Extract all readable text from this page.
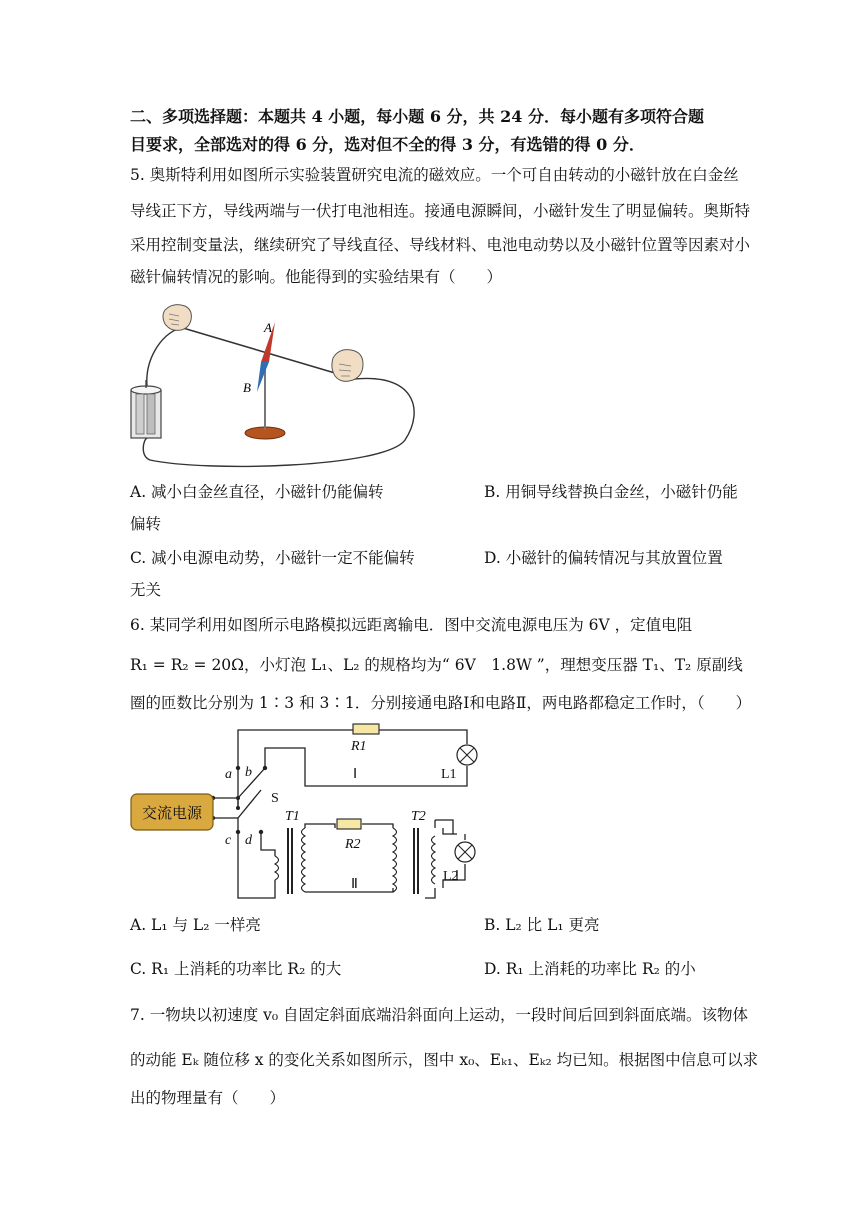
二、多项选择题：本题共 4 小题，每小题 6 分，共 24 分．每小题有多项符合题
目要求，全部选对的得 6 分，选对但不全的得 3 分，有选错的得 0 分．
5. 奥斯特利用如图所示实验装置研究电流的磁效应。一个可自由转动的小磁针放在白金丝
导线正下方，导线两端与一伏打电池相连。接通电源瞬间，小磁针发生了明显偏转。奥斯特
采用控制变量法，继续研究了导线直径、导线材料、电池电动势以及小磁针位置等因素对小
磁针偏转情况的影响。他能得到的实验结果有（　　）
A
B
A. 减小白金丝直径，小磁针仍能偏转	B. 用铜导线替换白金丝，小磁针仍能
偏转
C. 减小电源电动势，小磁针一定不能偏转	D. 小磁针的偏转情况与其放置位置
无关
6. 某同学利用如图所示电路模拟远距离输电．图中交流电源电压为 6V ，定值电阻
R₁ = R₂ = 20Ω，小灯泡 L₁、L₂ 的规格均为“ 6V　1.8W ”，理想变压器 T₁、T₂ 原副线
圈的匝数比分别为 1∶3 和 3∶1．分别接通电路Ⅰ和电路Ⅱ，两电路都稳定工作时，（　　）
交流电源
R1
R2
L1
L2
T1	T2
S
a b
c d
Ⅰ
Ⅱ
A. L₁ 与 L₂ 一样亮	B. L₂ 比 L₁ 更亮
C. R₁ 上消耗的功率比 R₂ 的大	D. R₁ 上消耗的功率比 R₂ 的小
7. 一物块以初速度 v₀ 自固定斜面底端沿斜面向上运动，一段时间后回到斜面底端。该物体
的动能 Eₖ 随位移 x 的变化关系如图所示，图中 x₀、Eₖ₁、Eₖ₂ 均已知。根据图中信息可以求
出的物理量有（　　）
